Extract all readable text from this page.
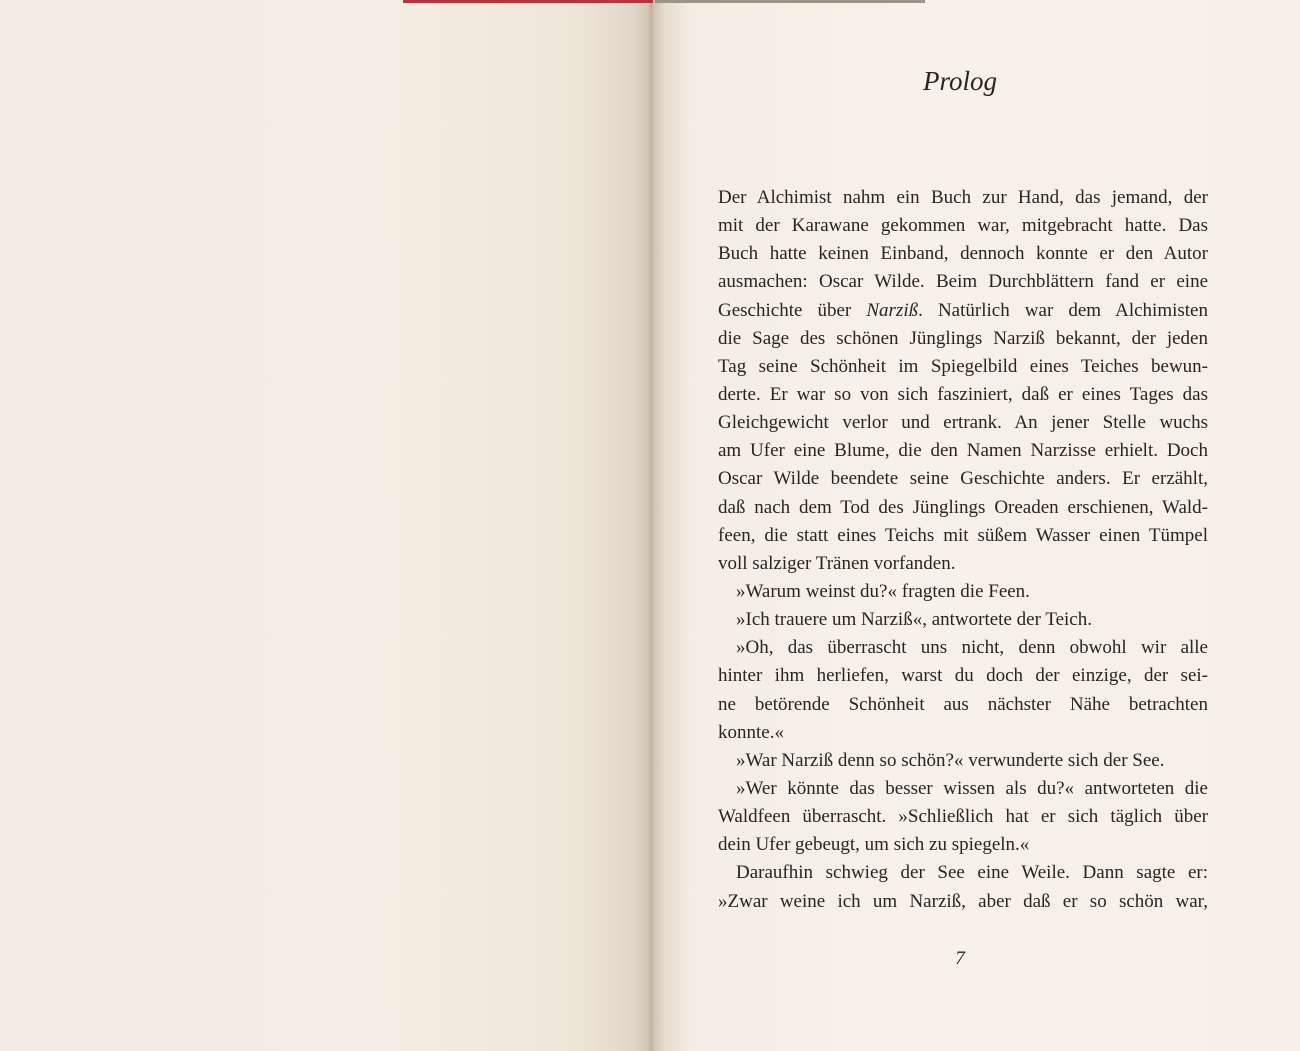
Prolog
Der Alchimist nahm ein Buch zur Hand, das jemand, der
mit der Karawane gekommen war, mitgebracht hatte. Das
Buch hatte keinen Einband, dennoch konnte er den Autor
ausmachen: Oscar Wilde. Beim Durchblättern fand er eine
Geschichte über Narziß. Natürlich war dem Alchimisten
die Sage des schönen Jünglings Narziß bekannt, der jeden
Tag seine Schönheit im Spiegelbild eines Teiches bewun-
derte. Er war so von sich fasziniert, daß er eines Tages das
Gleichgewicht verlor und ertrank. An jener Stelle wuchs
am Ufer eine Blume, die den Namen Narzisse erhielt. Doch
Oscar Wilde beendete seine Geschichte anders. Er erzählt,
daß nach dem Tod des Jünglings Oreaden erschienen, Wald-
feen, die statt eines Teichs mit süßem Wasser einen Tümpel
voll salziger Tränen vorfanden.
»Warum weinst du?« fragten die Feen.
»Ich trauere um Narziß«, antwortete der Teich.
»Oh, das überrascht uns nicht, denn obwohl wir alle
hinter ihm herliefen, warst du doch der einzige, der sei-
ne betörende Schönheit aus nächster Nähe betrachten
konnte.«
»War Narziß denn so schön?« verwunderte sich der See.
»Wer könnte das besser wissen als du?« antworteten die
Waldfeen überrascht. »Schließlich hat er sich täglich über
dein Ufer gebeugt, um sich zu spiegeln.«
Daraufhin schwieg der See eine Weile. Dann sagte er:
»Zwar weine ich um Narziß, aber daß er so schön war,
7
